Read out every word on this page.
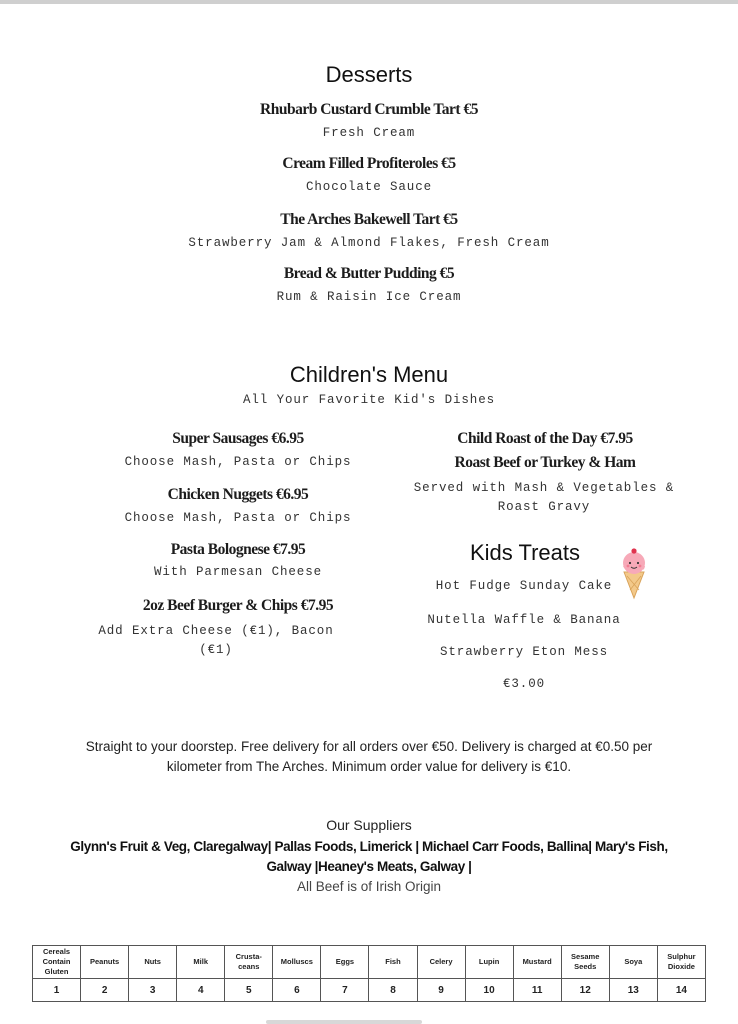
Desserts
Rhubarb Custard Crumble Tart €5
Fresh Cream
Cream Filled Profiteroles €5
Chocolate Sauce
The Arches Bakewell Tart €5
Strawberry Jam & Almond Flakes, Fresh Cream
Bread & Butter Pudding €5
Rum & Raisin Ice Cream
Children's Menu
All Your Favorite Kid's Dishes
Super Sausages €6.95
Choose Mash, Pasta or Chips
Chicken Nuggets €6.95
Choose Mash, Pasta or Chips
Pasta Bolognese €7.95
With Parmesan Cheese
2oz Beef Burger & Chips €7.95
Add Extra Cheese (€1), Bacon (€1)
Child Roast of the Day €7.95
Roast Beef or Turkey & Ham
Served with Mash & Vegetables & Roast Gravy
Kids Treats
Hot Fudge Sunday Cake
Nutella Waffle & Banana
Strawberry Eton Mess
€3.00
Straight to your doorstep. Free delivery for all orders over €50. Delivery is charged at €0.50 per kilometer from The Arches. Minimum order value for delivery is €10.
Our Suppliers
Glynn's Fruit & Veg, Claregalway| Pallas Foods, Limerick | Michael Carr Foods, Ballina| Mary's Fish, Galway |Heaney's Meats, Galway |
All Beef is of Irish Origin
Cereals Contain Gluten	Peanuts	Nuts	Milk	Crusta-ceans	Molluscs	Eggs	Fish	Celery	Lupin	Mustard	Sesame Seeds	Soya	Sulphur Dioxide
1	2	3	4	5	6	7	8	9	10	11	12	13	14
